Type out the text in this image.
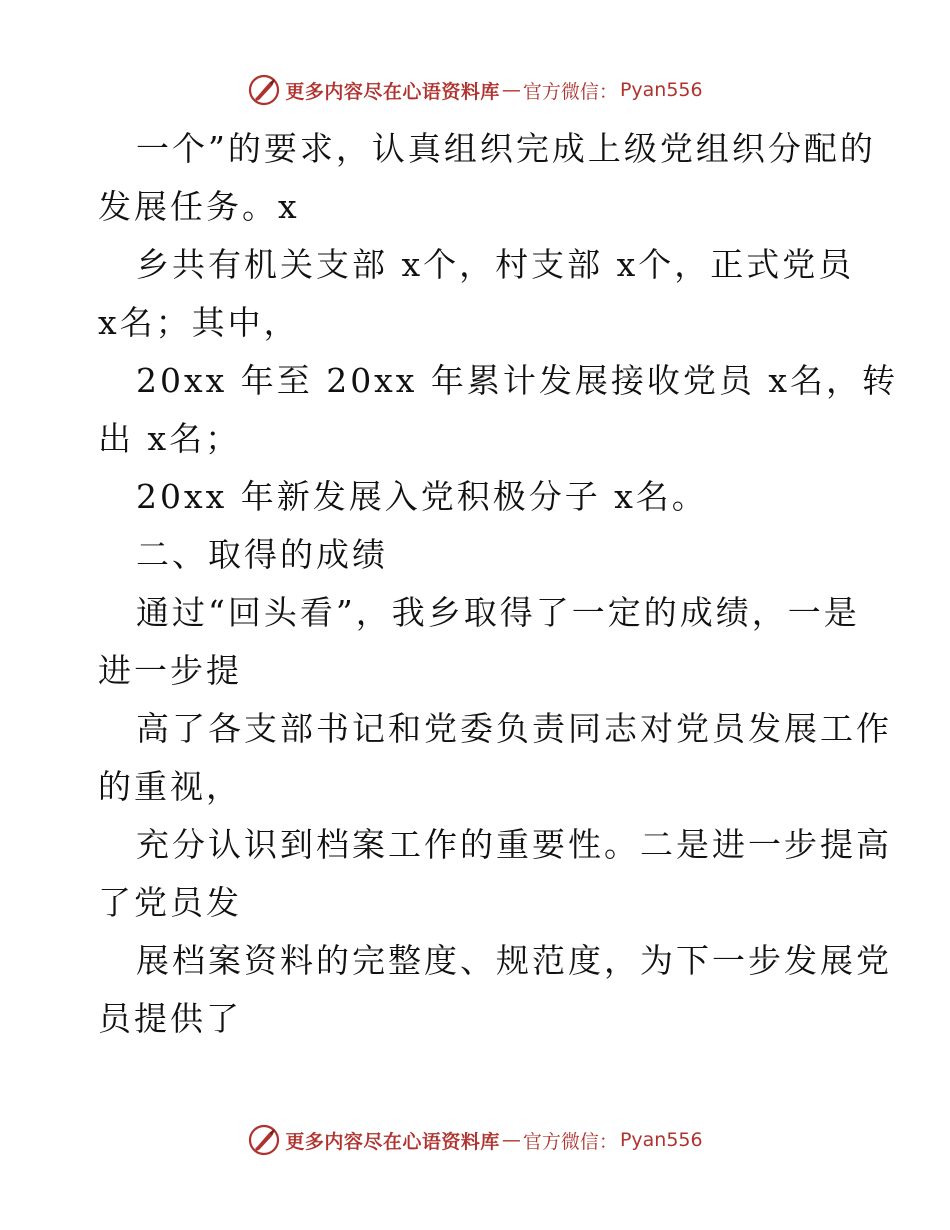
更多内容尽在心语资料库 — 官方微信： Pyan556
一个”的要求，认真组织完成上级党组织分配的
发展任务。x
乡共有机关支部 x个，村支部 x个，正式党员
x名；其中，
20xx 年至 20xx 年累计发展接收党员 x名，转
出 x名；
20xx 年新发展入党积极分子 x名。
二、取得的成绩
通过“回头看”，我乡取得了一定的成绩，一是
进一步提
高了各支部书记和党委负责同志对党员发展工作
的重视，
充分认识到档案工作的重要性。二是进一步提高
了党员发
展档案资料的完整度、规范度，为下一步发展党
员提供了
更多内容尽在心语资料库 — 官方微信： Pyan556
